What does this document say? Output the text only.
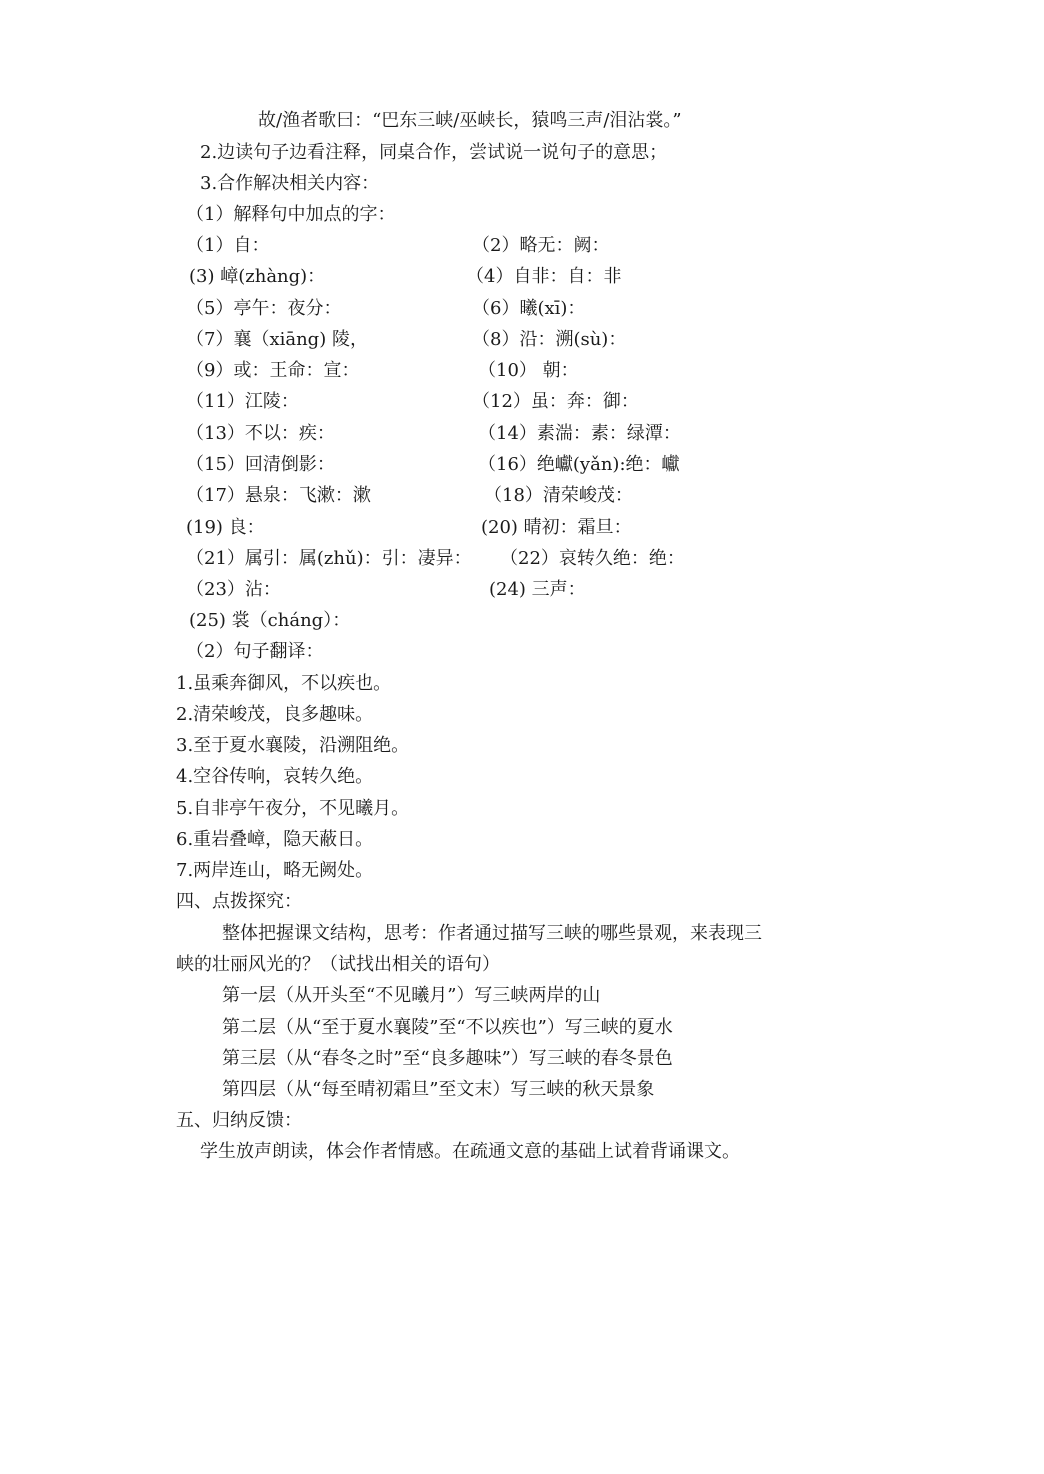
故/渔者歌曰：“巴东三峡/巫峡长，猿鸣三声/泪沾裳。”
2.边读句子边看注释，同桌合作，尝试说一说句子的意思；
3.合作解决相关内容：
（1）解释句中加点的字：
（1）自：	（2）略无：阙：
(3) 嶂(zhàng)：	（4）自非：自：非
（5）亭午：夜分：	（6）曦(xī)：
（7）襄（xiāng) 陵，	（8）沿：溯(sù)：
（9）或：王命：宣：	（10） 朝：
（11）江陵：	（12）虽：奔：御：
（13）不以：疾：	（14）素湍：素：绿潭：
（15）回清倒影：	（16）绝巘(yǎn):绝：巘
（17）悬泉：飞漱：漱	（18）清荣峻茂：
(19) 良：	(20) 晴初：霜旦：
（21）属引：属(zhǔ)：引：凄异： （22）哀转久绝：绝：
（23）沾：	(24) 三声：
(25) 裳（cháng）：
（2）句子翻译：
1.虽乘奔御风，不以疾也。
2.清荣峻茂，良多趣味。
3.至于夏水襄陵，沿溯阻绝。
4.空谷传响，哀转久绝。
5.自非亭午夜分，不见曦月。
6.重岩叠嶂，隐天蔽日。
7.两岸连山，略无阙处。
四、点拨探究：
整体把握课文结构，思考：作者通过描写三峡的哪些景观，来表现三
峡的壮丽风光的？（试找出相关的语句）
第一层（从开头至“不见曦月”）写三峡两岸的山
第二层（从“至于夏水襄陵”至“不以疾也”）写三峡的夏水
第三层（从“春冬之时”至“良多趣味”）写三峡的春冬景色
第四层（从“每至晴初霜旦”至文末）写三峡的秋天景象
五、归纳反馈：
学生放声朗读，体会作者情感。在疏通文意的基础上试着背诵课文。
